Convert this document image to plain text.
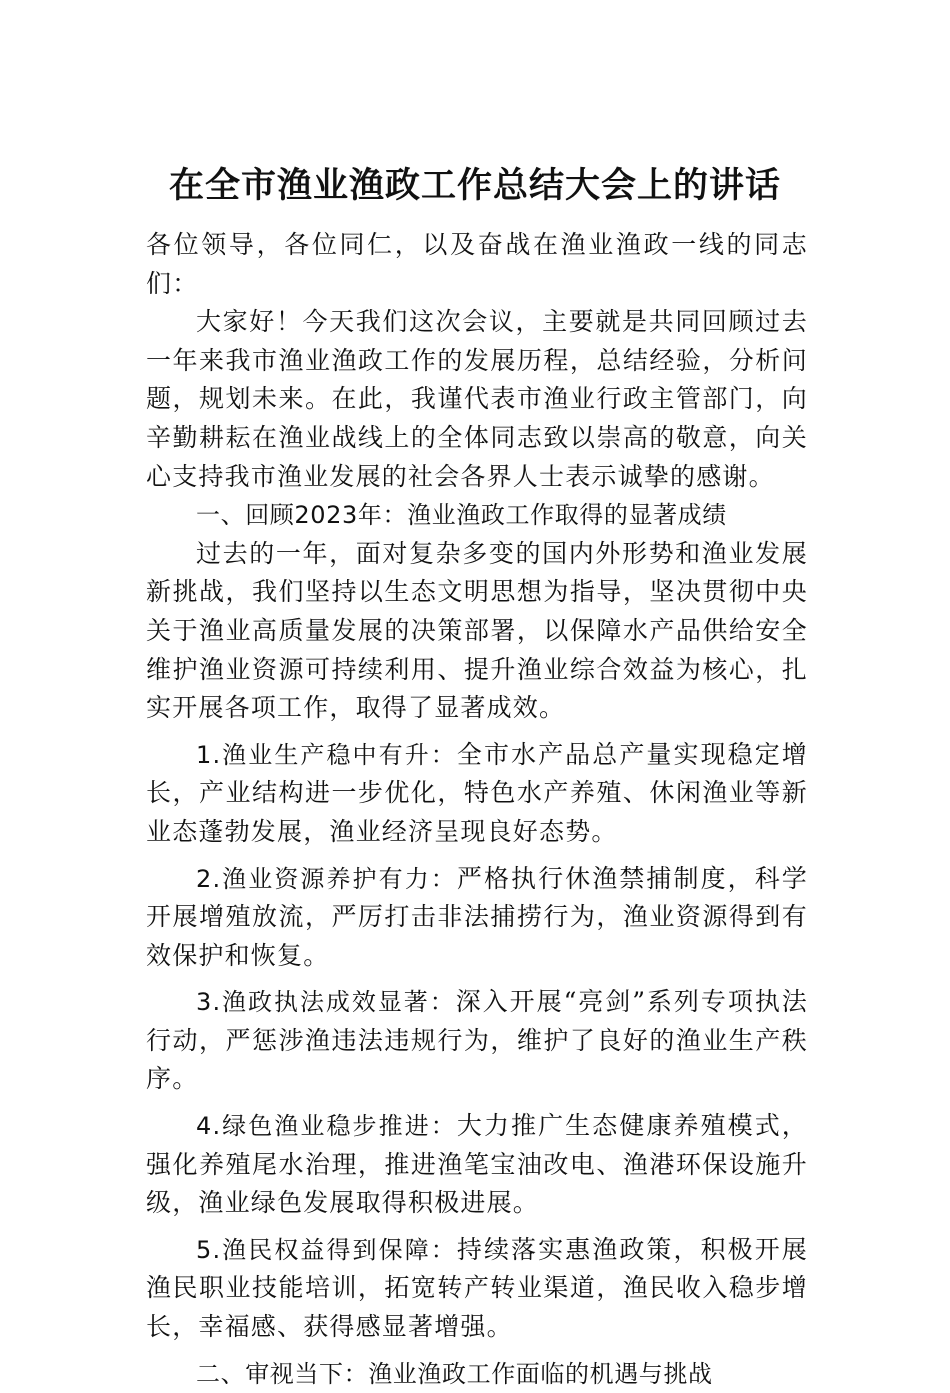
在全市渔业渔政工作总结大会上的讲话

各位领导，各位同仁，以及奋战在渔业渔政一线的同志们：

大家好！今天我们这次会议，主要就是共同回顾过去一年来我市渔业渔政工作的发展历程，总结经验，分析问题，规划未来。在此，我谨代表市渔业行政主管部门，向辛勤耕耘在渔业战线上的全体同志致以崇高的敬意，向关心支持我市渔业发展的社会各界人士表示诚挚的感谢。

一、回顾2023年：渔业渔政工作取得的显著成绩

过去的一年，面对复杂多变的国内外形势和渔业发展新挑战，我们坚持以生态文明思想为指导，坚决贯彻中央关于渔业高质量发展的决策部署，以保障水产品供给安全维护渔业资源可持续利用、提升渔业综合效益为核心，扎实开展各项工作，取得了显著成效。

1.渔业生产稳中有升：全市水产品总产量实现稳定增长，产业结构进一步优化，特色水产养殖、休闲渔业等新业态蓬勃发展，渔业经济呈现良好态势。

2.渔业资源养护有力：严格执行休渔禁捕制度，科学开展增殖放流，严厉打击非法捕捞行为，渔业资源得到有效保护和恢复。

3.渔政执法成效显著：深入开展“亮剑”系列专项执法行动，严惩涉渔违法违规行为，维护了良好的渔业生产秩序。

4.绿色渔业稳步推进：大力推广生态健康养殖模式，强化养殖尾水治理，推进渔笔宝油改电、渔港环保设施升级，渔业绿色发展取得积极进展。

5.渔民权益得到保障：持续落实惠渔政策，积极开展渔民职业技能培训，拓宽转产转业渠道，渔民收入稳步增长，幸福感、获得感显著增强。

二、审视当下：渔业渔政工作面临的机遇与挑战
